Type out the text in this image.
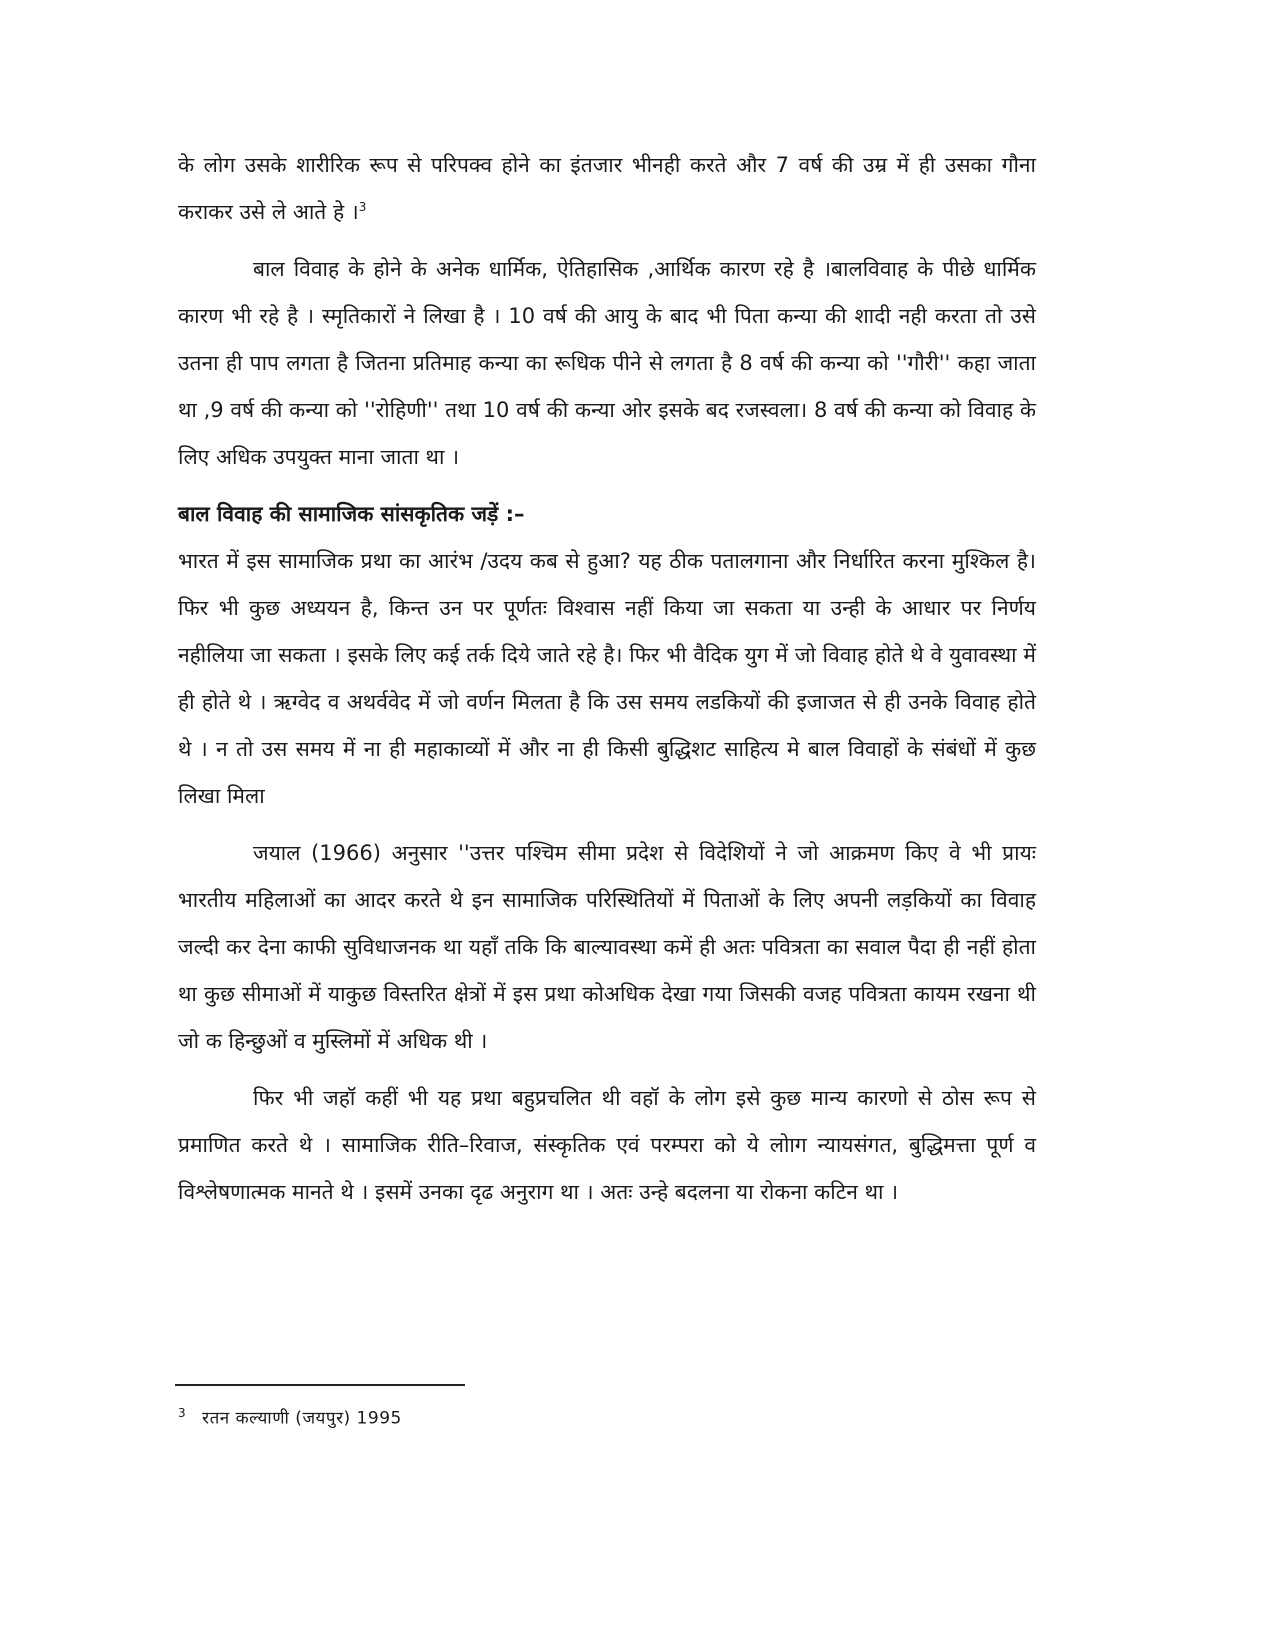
के लोग उसके शारीरिक रूप से परिपक्व होने का इंतजार भीनही करते और 7 वर्ष की उम्र में ही उसका गौना कराकर उसे ले आते हे ।$^3$

बाल विवाह के होने के अनेक धार्मिक, ऐतिहासिक ,आर्थिक कारण रहे है ।बालविवाह के पीछे धार्मिक कारण भी रहे है । स्मृतिकारों ने लिखा है । 10 वर्ष की आयु के बाद भी पिता कन्या की शादी नही करता तो उसे उतना ही पाप लगता है जितना प्रतिमाह कन्या का रूधिक पीने से लगता है 8 वर्ष की कन्या को ''गौरी'' कहा जाता था ,9 वर्ष की कन्या को ''रोहिणी'' तथा 10 वर्ष की कन्या ओर इसके बद रजस्वला। 8 वर्ष की कन्या को विवाह के लिए अधिक उपयुक्त माना जाता था ।

बाल विवाह की सामाजिक सांसकृतिक जड़ें :–

भारत में इस सामाजिक प्रथा का आरंभ /उदय कब से हुआ? यह ठीक पतालगाना और निर्धारित करना मुश्किल है। फिर भी कुछ अध्ययन है, किन्त उन पर पूर्णतः विश्वास नहीं किया जा सकता या उन्ही के आधार पर निर्णय नहीलिया जा सकता । इसके लिए कई तर्क दिये जाते रहे है। फिर भी वैदिक युग में जो विवाह होते थे वे युवावस्था में ही होते थे । ऋग्वेद व अथर्ववेद में जो वर्णन मिलता है कि उस समय लडकियों की इजाजत से ही उनके विवाह होते थे । न तो उस समय में ना ही महाकाव्यों में और ना ही किसी बुद्धिशट साहित्य मे बाल विवाहों के संबंधों में कुछ लिखा मिला

जयाल (1966) अनुसार ''उत्तर पश्चिम सीमा प्रदेश से विदेशियों ने जो आक्रमण किए वे भी प्रायः भारतीय महिलाओं का आदर करते थे इन सामाजिक परिस्थितियों में पिताओं के लिए अपनी लड़कियों का विवाह जल्दी कर देना काफी सुविधाजनक था यहाँ तकि कि बाल्यावस्था कमें ही अतः पवित्रता का सवाल पैदा ही नहीं होता था कुछ सीमाओं में याकुछ विस्तरित क्षेत्रों में इस प्रथा कोअधिक देखा गया जिसकी वजह पवित्रता कायम रखना थी जो क हिन्छुओं व मुस्लिमों में अधिक थी ।

फिर भी जहॉ कहीं भी यह प्रथा बहुप्रचलित थी वहॉ के लोग इसे कुछ मान्य कारणो से ठोस रूप से प्रमाणित करते थे । सामाजिक रीति–रिवाज, संस्कृतिक एवं परम्परा को ये लोाग न्यायसंगत, बुद्धिमत्ता पूर्ण व विश्लेषणात्मक मानते थे । इसमें उनका दृढ अनुराग था । अतः उन्हे बदलना या रोकना कटिन था ।

$^3$ रतन कल्याणी (जयपुर) 1995
